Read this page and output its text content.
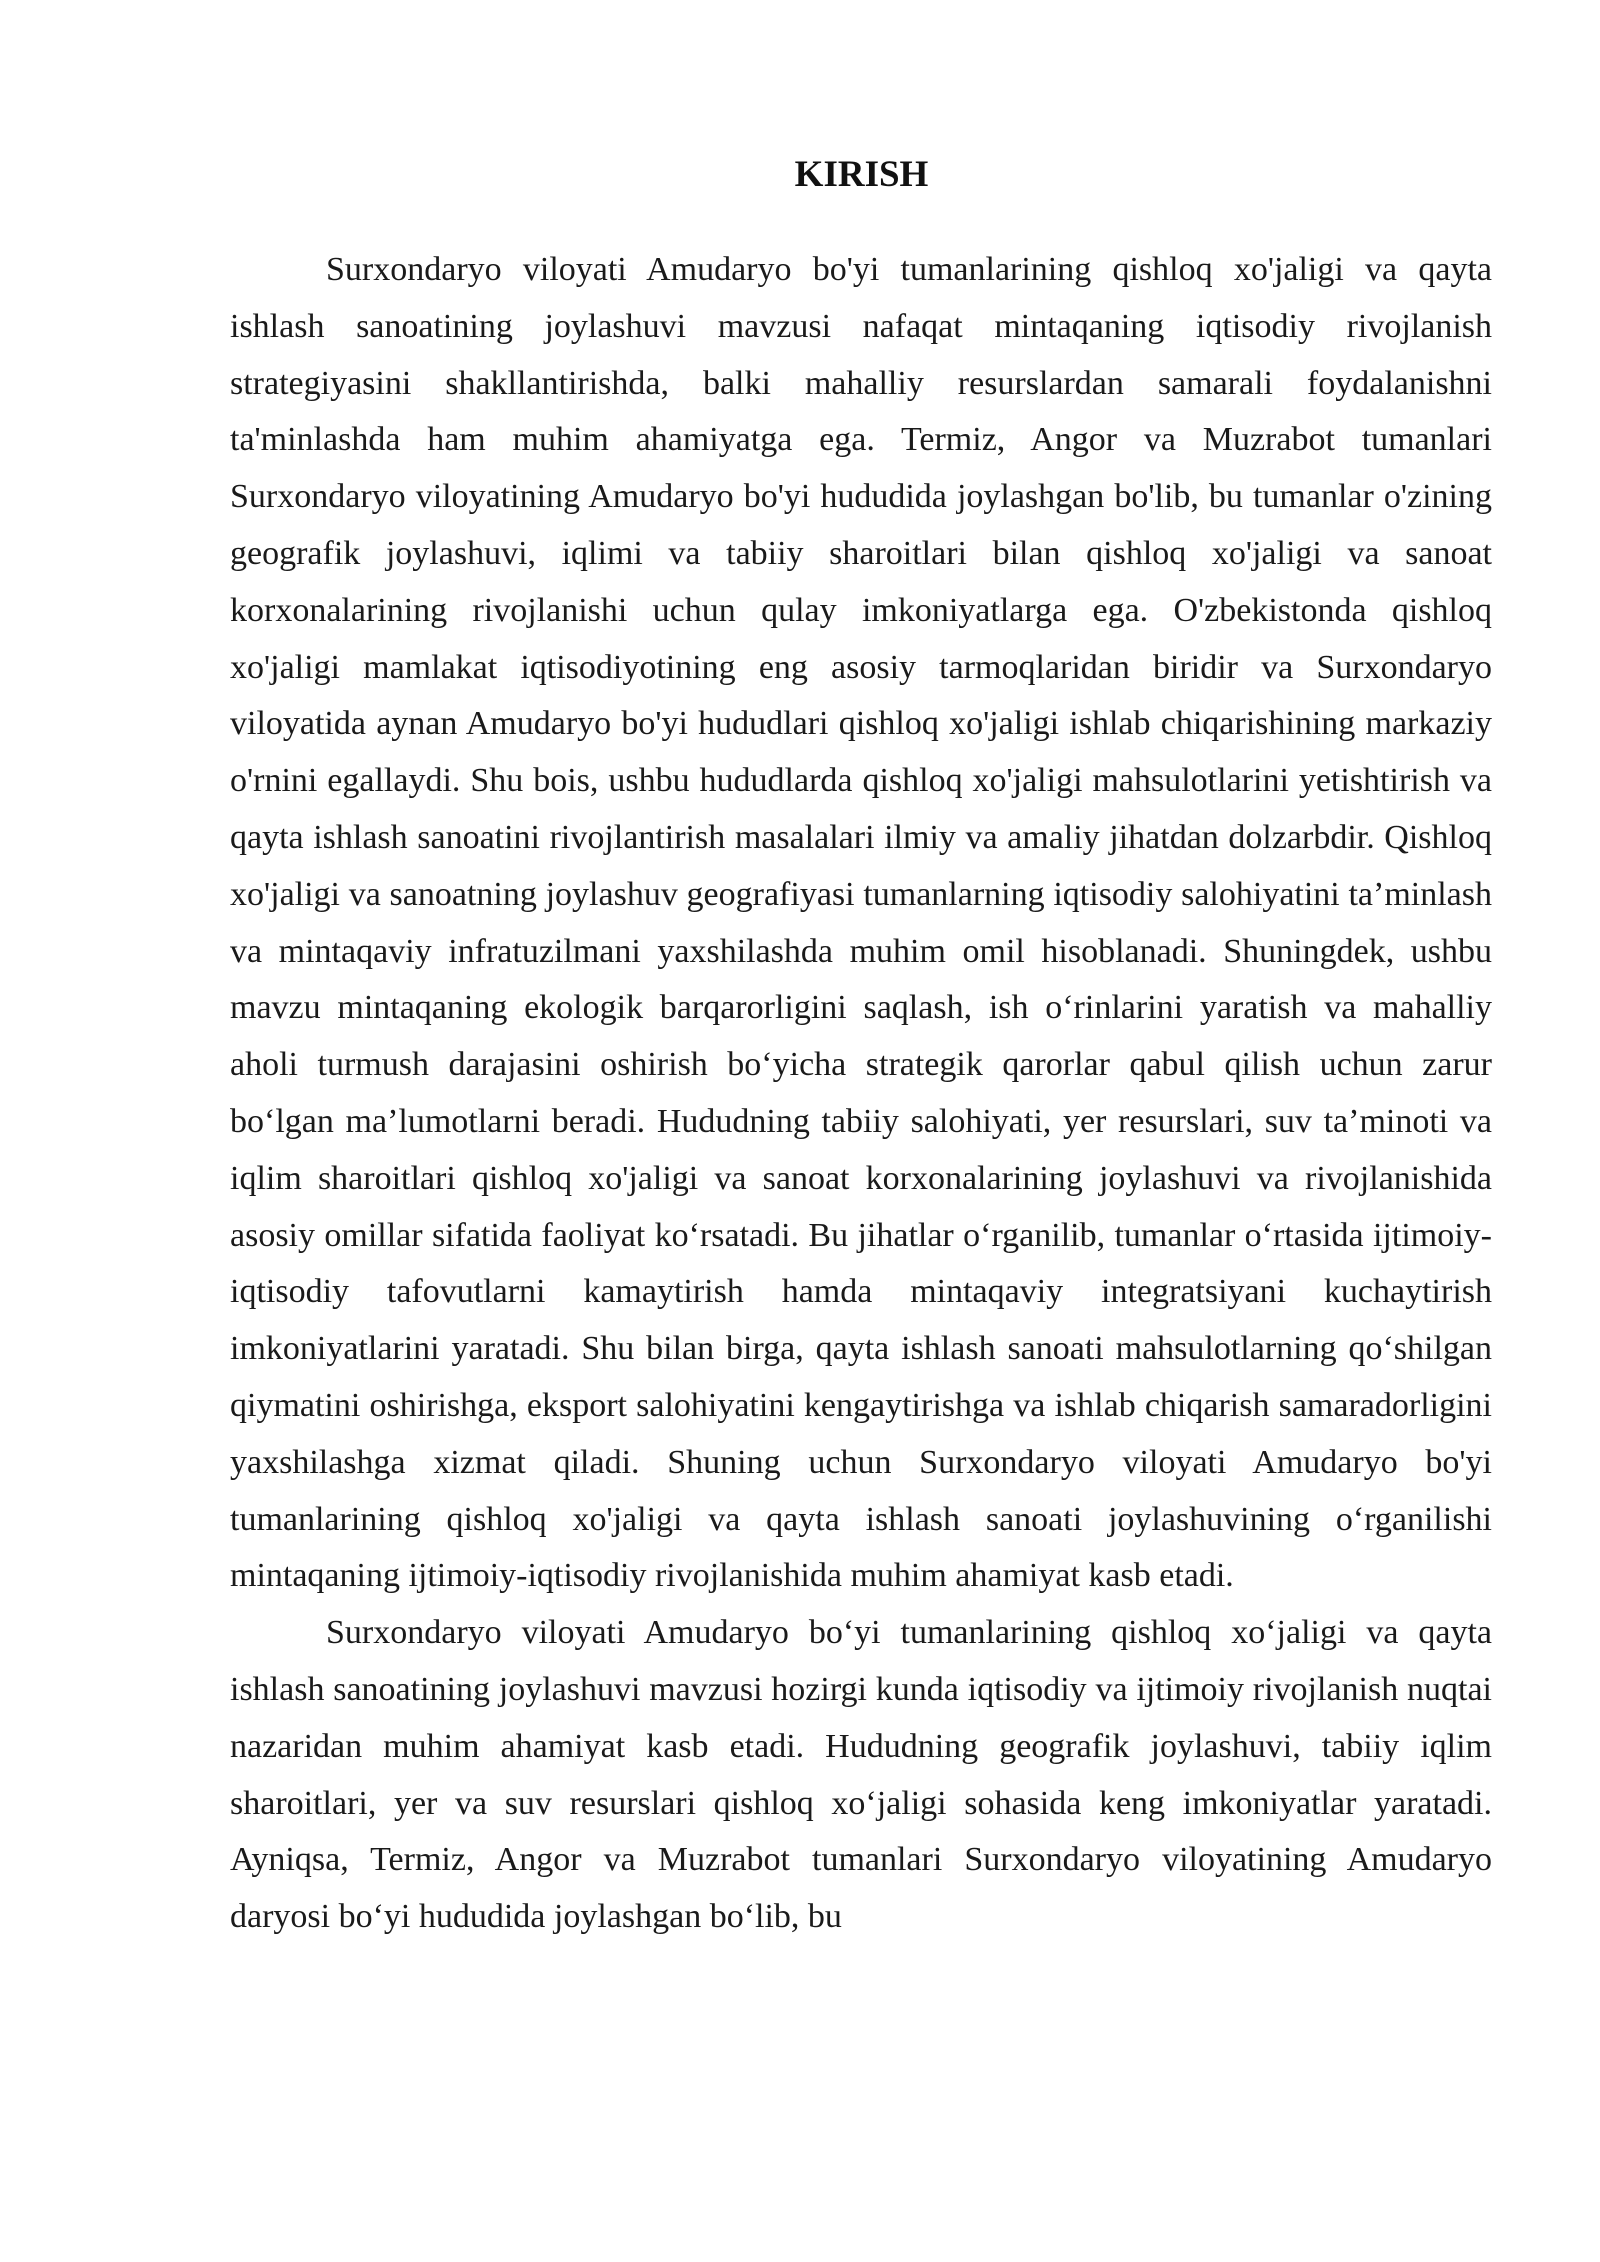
KIRISH

Surxondaryo viloyati Amudaryo bo'yi tumanlarining qishloq xo'jaligi va qayta ishlash sanoatining joylashuvi mavzusi nafaqat mintaqaning iqtisodiy rivojlanish strategiyasini shakllantirishda, balki mahalliy resurslardan samarali foydalanishni ta'minlashda ham muhim ahamiyatga ega. Termiz, Angor va Muzrabot tumanlari Surxondaryo viloyatining Amudaryo bo'yi hududida joylashgan bo'lib, bu tumanlar o'zining geografik joylashuvi, iqlimi va tabiiy sharoitlari bilan qishloq xo'jaligi va sanoat korxonalarining rivojlanishi uchun qulay imkoniyatlarga ega. O'zbekistonda qishloq xo'jaligi mamlakat iqtisodiyotining eng asosiy tarmoqlaridan biridir va Surxondaryo viloyatida aynan Amudaryo bo'yi hududlari qishloq xo'jaligi ishlab chiqarishining markaziy o'rnini egallaydi. Shu bois, ushbu hududlarda qishloq xo'jaligi mahsulotlarini yetishtirish va qayta ishlash sanoatini rivojlantirish masalalari ilmiy va amaliy jihatdan dolzarbdir. Qishloq xo'jaligi va sanoatning joylashuv geografiyasi tumanlarning iqtisodiy salohiyatini ta’minlash va mintaqaviy infratuzilmani yaxshilashda muhim omil hisoblanadi. Shuningdek, ushbu mavzu mintaqaning ekologik barqarorligini saqlash, ish o‘rinlarini yaratish va mahalliy aholi turmush darajasini oshirish bo‘yicha strategik qarorlar qabul qilish uchun zarur bo‘lgan ma’lumotlarni beradi. Hududning tabiiy salohiyati, yer resurslari, suv ta’minoti va iqlim sharoitlari qishloq xo'jaligi va sanoat korxonalarining joylashuvi va rivojlanishida asosiy omillar sifatida faoliyat ko‘rsatadi. Bu jihatlar o‘rganilib, tumanlar o‘rtasida ijtimoiy-iqtisodiy tafovutlarni kamaytirish hamda mintaqaviy integratsiyani kuchaytirish imkoniyatlarini yaratadi. Shu bilan birga, qayta ishlash sanoati mahsulotlarning qo‘shilgan qiymatini oshirishga, eksport salohiyatini kengaytirishga va ishlab chiqarish samaradorligini yaxshilashga xizmat qiladi. Shuning uchun Surxondaryo viloyati Amudaryo bo'yi tumanlarining qishloq xo'jaligi va qayta ishlash sanoati joylashuvining o‘rganilishi mintaqaning ijtimoiy-iqtisodiy rivojlanishida muhim ahamiyat kasb etadi.

Surxondaryo viloyati Amudaryo bo‘yi tumanlarining qishloq xo‘jaligi va qayta ishlash sanoatining joylashuvi mavzusi hozirgi kunda iqtisodiy va ijtimoiy rivojlanish nuqtai nazaridan muhim ahamiyat kasb etadi. Hududning geografik joylashuvi, tabiiy iqlim sharoitlari, yer va suv resurslari qishloq xo‘jaligi sohasida keng imkoniyatlar yaratadi. Ayniqsa, Termiz, Angor va Muzrabot tumanlari Surxondaryo viloyatining Amudaryo daryosi bo‘yi hududida joylashgan bo‘lib, bu
